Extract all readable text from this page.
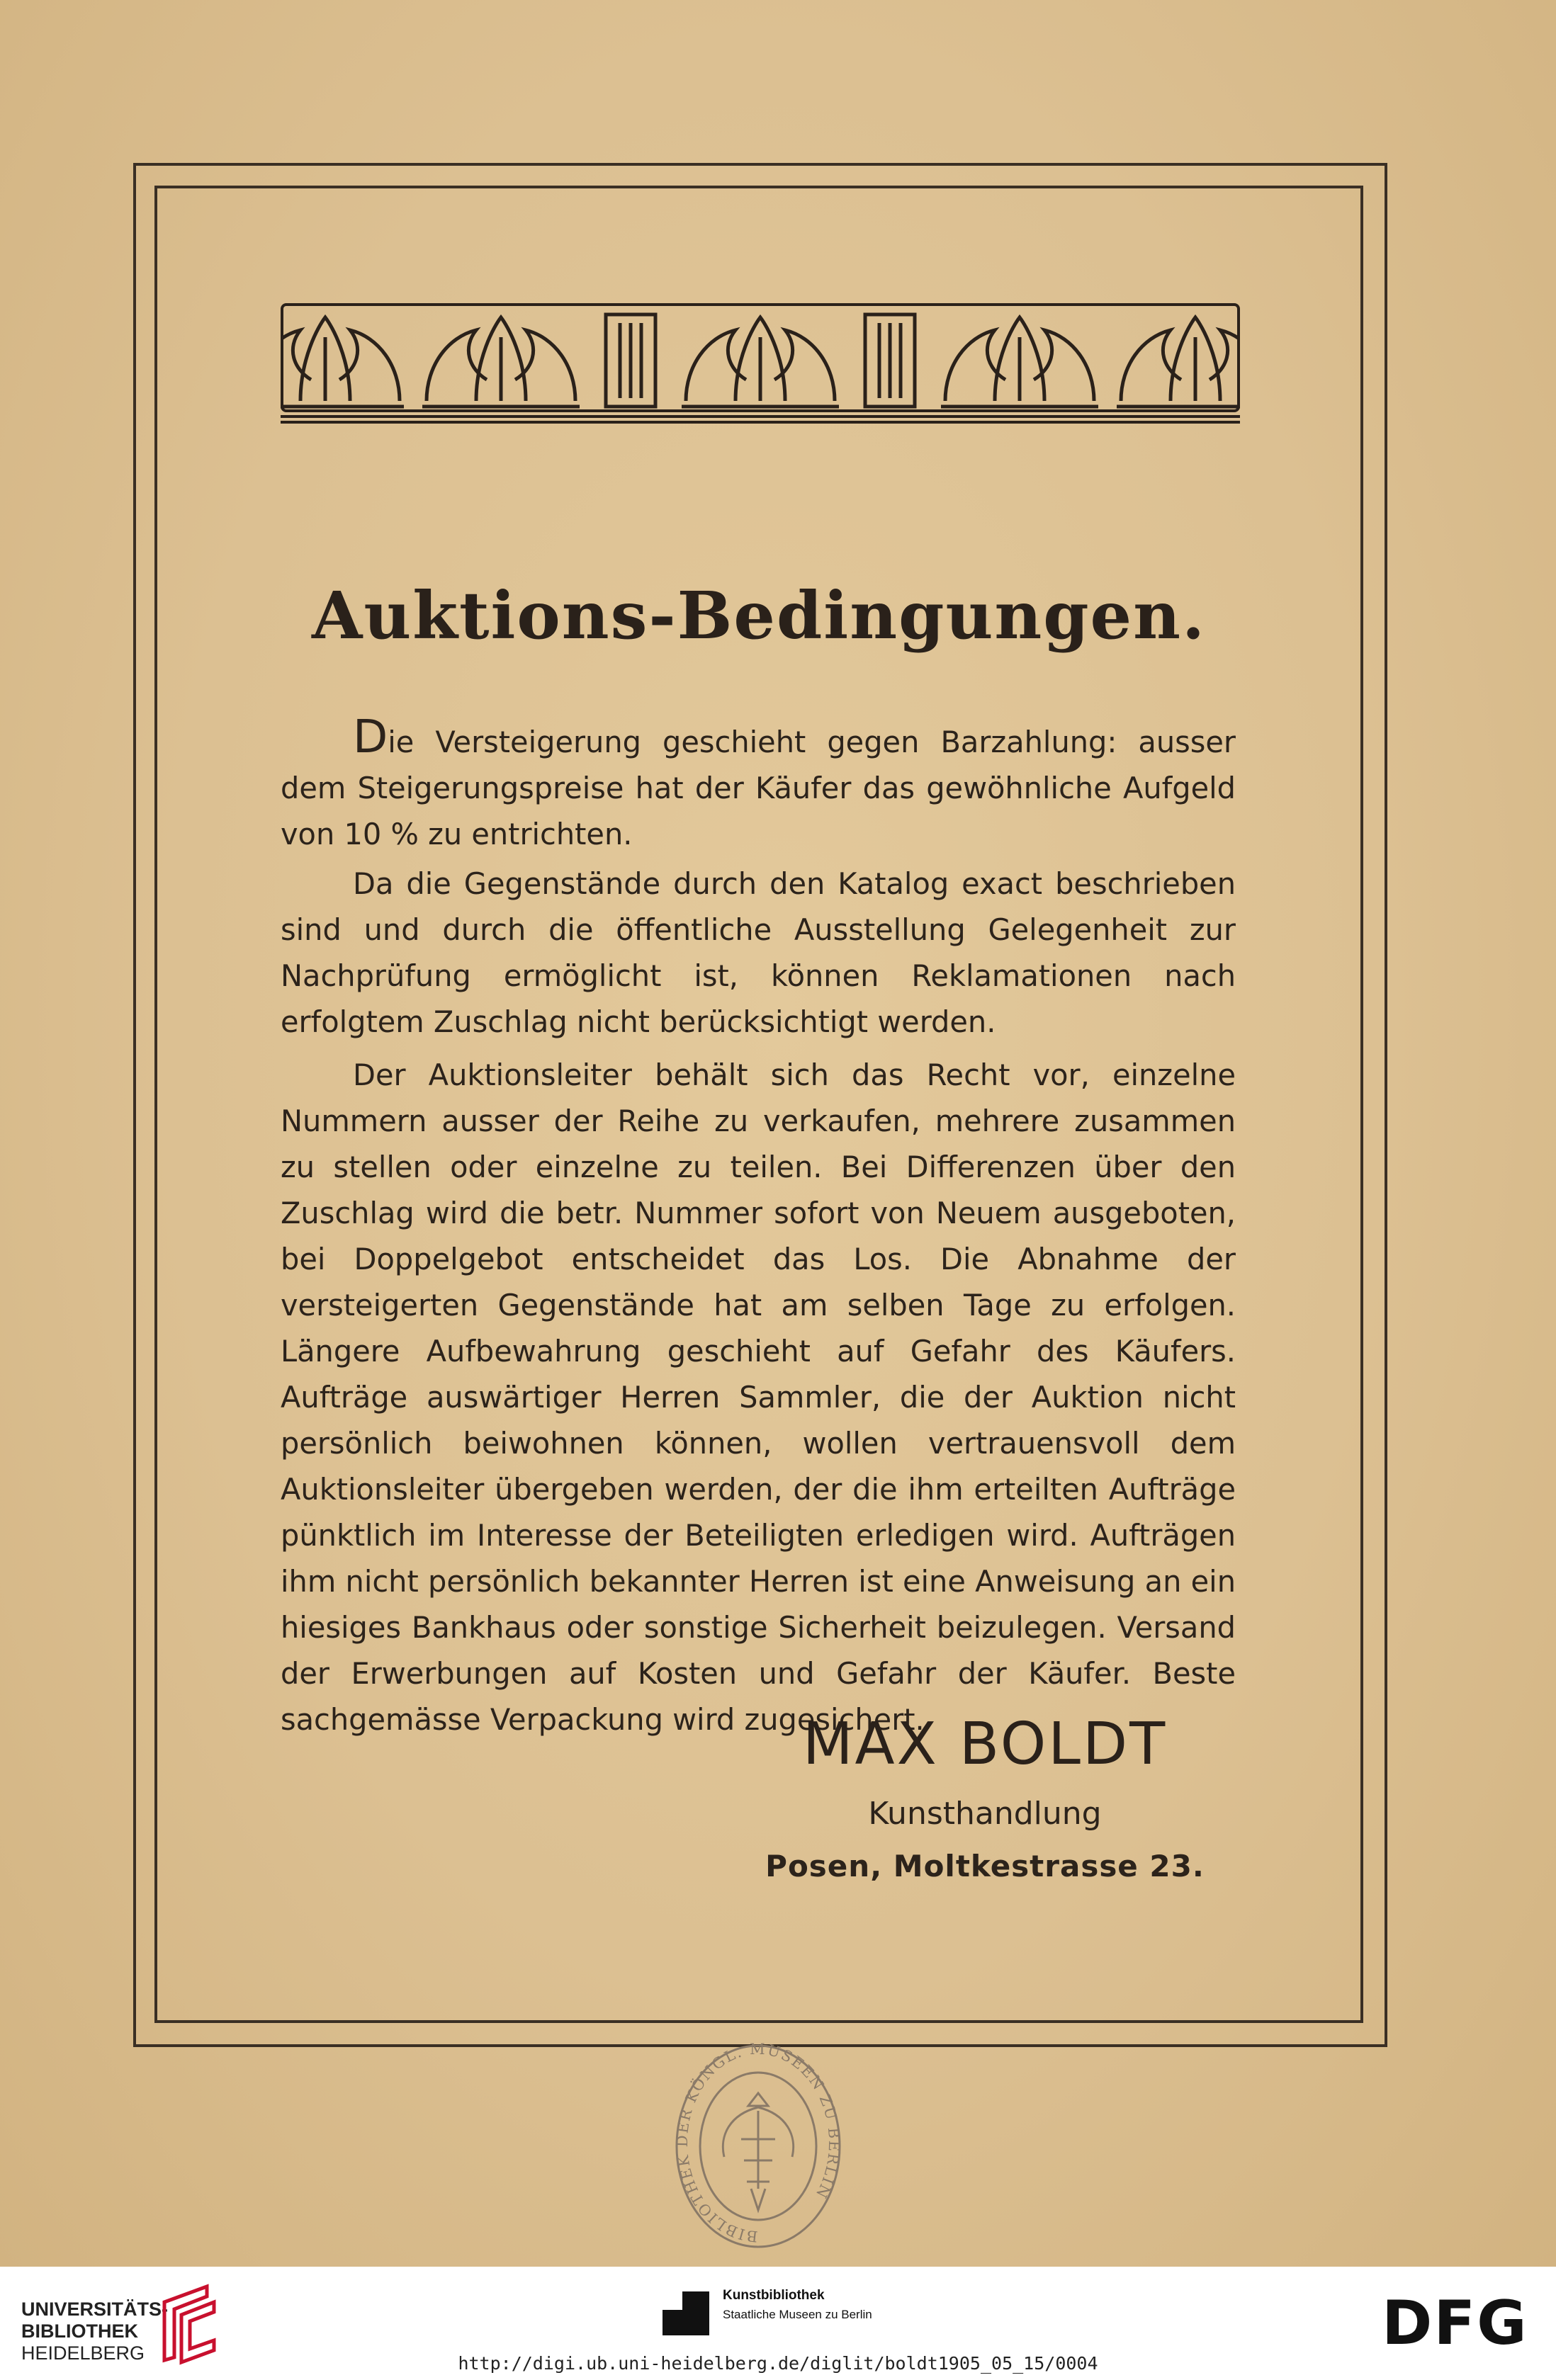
Auktions-Bedingungen.

Die Versteigerung geschieht gegen Barzahlung: ausser dem Steigerungspreise hat der Käufer das gewöhnliche Aufgeld von 10 % zu entrichten.

Da die Gegenstände durch den Katalog exact beschrieben sind und durch die öffentliche Ausstellung Gelegenheit zur Nachprüfung ermöglicht ist, können Reklamationen nach erfolgtem Zuschlag nicht berücksichtigt werden.

Der Auktionsleiter behält sich das Recht vor, einzelne Nummern ausser der Reihe zu verkaufen, mehrere zusammen zu stellen oder einzelne zu teilen. Bei Differenzen über den Zuschlag wird die betr. Nummer sofort von Neuem ausgeboten, bei Doppelgebot entscheidet das Los. Die Abnahme der versteigerten Gegenstände hat am selben Tage zu erfolgen. Längere Aufbewahrung geschieht auf Gefahr des Käufers. Aufträge auswärtiger Herren Sammler, die der Auktion nicht persönlich beiwohnen können, wollen vertrauensvoll dem Auktionsleiter übergeben werden, der die ihm erteilten Aufträge pünktlich im Interesse der Beteiligten erledigen wird. Aufträgen ihm nicht persönlich bekannter Herren ist eine Anweisung an ein hiesiges Bankhaus oder sonstige Sicherheit beizulegen. Versand der Erwerbungen auf Kosten und Gefahr der Käufer. Beste sachgemässe Verpackung wird zugesichert.

MAX BOLDT
Kunsthandlung
Posen, Moltkestrasse 23.
BIBLIOTHEK DER KÖNGL. MUSEEN ZU BERLIN
UNIVERSITÄTS-
BIBLIOTHEK
HEIDELBERG
Kunstbibliothek
Staatliche Museen zu Berlin	DFG
http://digi.ub.uni-heidelberg.de/diglit/boldt1905_05_15/0004
